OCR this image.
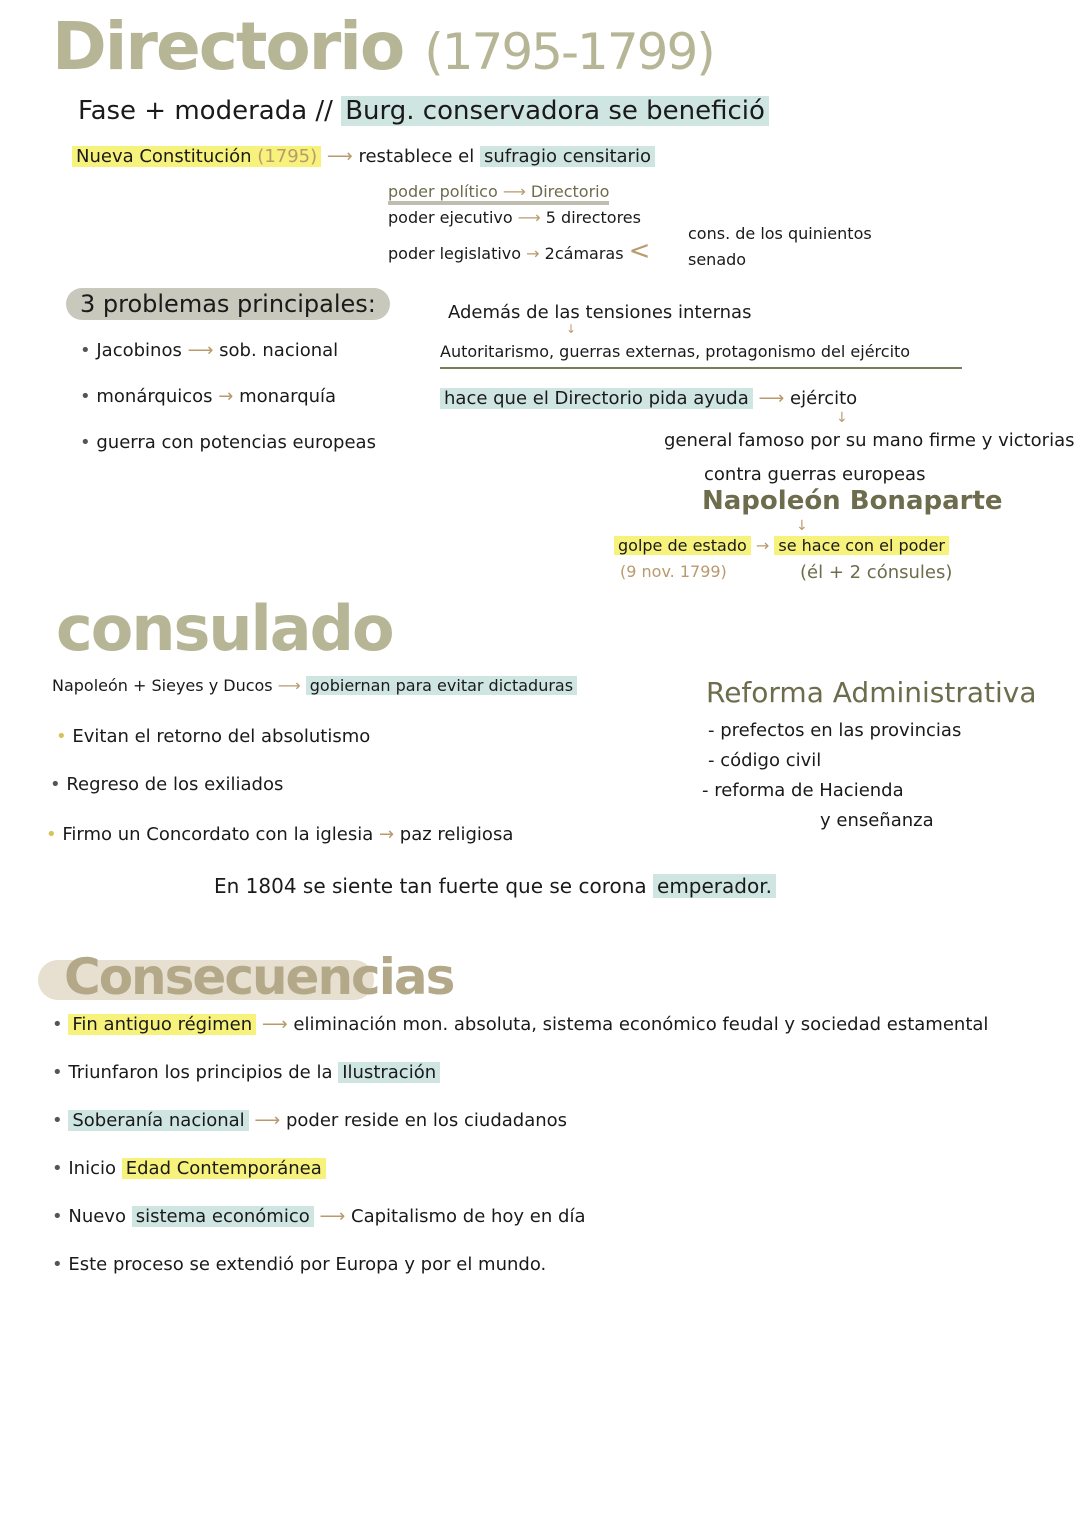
Directorio (1795-1799)
Fase + moderada // Burg. conservadora se benefició
Nueva Constitución (1795) ⟶ restablece el sufragio censitario
poder político ⟶ Directorio
poder ejecutivo ⟶ 5 directores
poder legislativo → 2cámaras <
cons. de los quinientos
senado
3 problemas principales:
• Jacobinos ⟶ sob. nacional
• monárquicos → monarquía
• guerra con potencias europeas
Además de las tensiones internas
↓
Autoritarismo, guerras externas, protagonismo del ejército
hace que el Directorio pida ayuda ⟶ ejército
↓
general famoso por su mano firme y victorias
contra guerras europeas
Napoleón Bonaparte
↓
golpe de estado → se hace con el poder
(9 nov. 1799)	(él + 2 cónsules)
consulado
Napoleón + Sieyes y Ducos ⟶ gobiernan para evitar dictaduras
• Evitan el retorno del absolutismo
• Regreso de los exiliados
• Firmo un Concordato con la iglesia → paz religiosa
Reforma Administrativa
- prefectos en las provincias
- código civil
- reforma de Hacienda
y enseñanza
En 1804 se siente tan fuerte que se corona emperador.
Consecuencias
• Fin antiguo régimen ⟶ eliminación mon. absoluta, sistema económico feudal y sociedad estamental
• Triunfaron los principios de la Ilustración
• Soberanía nacional ⟶ poder reside en los ciudadanos
• Inicio Edad Contemporánea
• Nuevo sistema económico ⟶ Capitalismo de hoy en día
• Este proceso se extendió por Europa y por el mundo.
